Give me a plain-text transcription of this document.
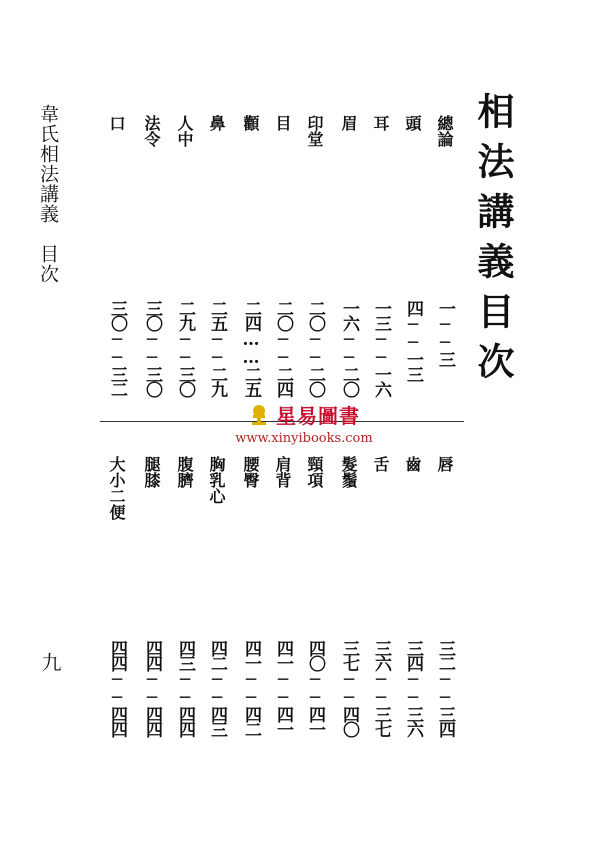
相法講義目次
韋氏相法講義　目次
九
總論
頭
耳
眉
印堂
目
顴
鼻
人中
法令
口
一──三
四──一三
一三──一六
一六──二〇
二〇──二〇
二〇──二四
二四……二五
二五──二九
二九──三〇
三〇──三〇
三〇──三二
星易圖書
www.xinyibooks.com
唇
齒
舌
髮鬚
頸項
肩背
腰臀
胸乳心
腹臍
腿膝
大小二便
三二──三四
三四──三六
三六──三七
三七──四〇
四〇──四一
四一──四一
四一──四二
四二──四三
四三──四四
四四──四四
四四──四四
